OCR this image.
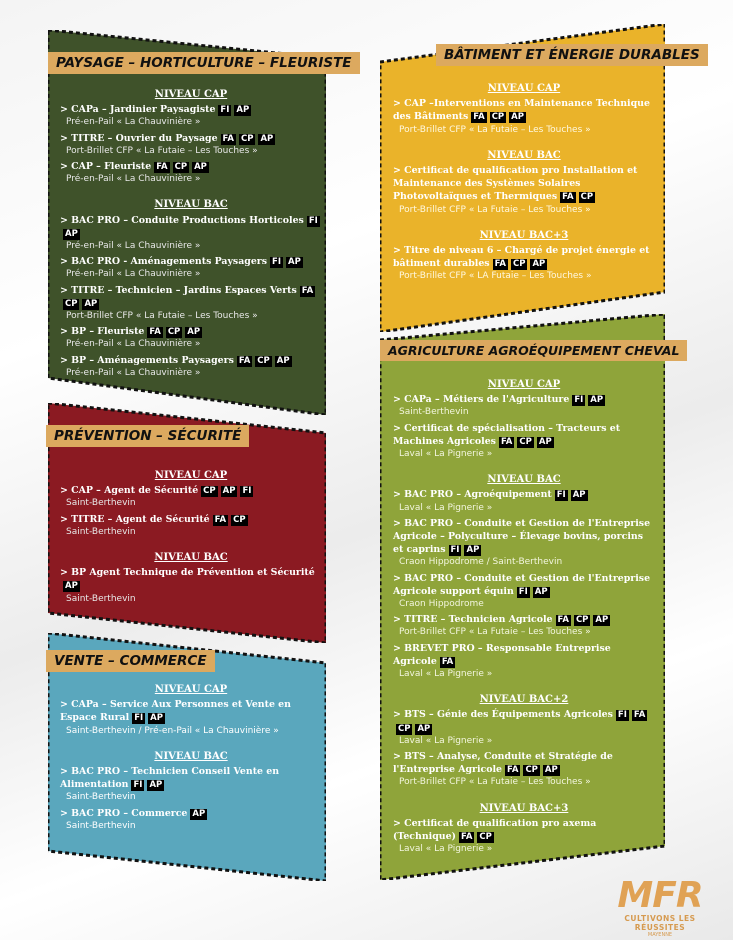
PAYSAGE – HORTICULTURE – FLEURISTE
NIVEAU CAP
> CAPa – Jardinier Paysagiste FI AP
Pré-en-Pail « La Chauvinière »
> TITRE – Ouvrier du Paysage FA CP AP
Port-Brillet CFP « La Futaie – Les Touches »
> CAP – Fleuriste FA CP AP
Pré-en-Pail « La Chauvinière »
NIVEAU BAC
> BAC PRO – Conduite Productions Horticoles FIAP
Pré-en-Pail « La Chauvinière »
> BAC PRO - Aménagements Paysagers FI AP
Pré-en-Pail « La Chauvinière »
> TITRE – Technicien – Jardins Espaces Verts FACP AP
Port-Brillet CFP « La Futaie – Les Touches »
> BP – Fleuriste FA CP AP
Pré-en-Pail « La Chauvinière »
> BP – Aménagements Paysagers FA CP AP
Pré-en-Pail « La Chauvinière »
PRÉVENTION – SÉCURITÉ
NIVEAU CAP
> CAP – Agent de Sécurité CP AP FI
Saint-Berthevin
> TITRE – Agent de Sécurité FA CP
Saint-Berthevin
NIVEAU BAC
> BP Agent Technique de Prévention et SécuritéAP
Saint-Berthevin
VENTE – COMMERCE
NIVEAU CAP
> CAPa – Service Aux Personnes et Vente en Espace Rural FI AP
Saint-Berthevin / Pré-en-Pail « La Chauvinière »
NIVEAU BAC
> BAC PRO – Technicien Conseil Vente en Alimentation FI AP
Saint-Berthevin
> BAC PRO – Commerce AP
Saint-Berthevin
BÂTIMENT ET ÉNERGIE DURABLES
NIVEAU CAP
> CAP –Interventions en Maintenance Technique des Bâtiments FA CP AP
Port-Brillet CFP « La Futaie – Les Touches »
NIVEAU BAC
> Certificat de qualification pro Installation et Maintenance des Systèmes Solaires Photovoltaïques et Thermiques FA CP
Port-Brillet CFP « La Futaie – Les Touches »
NIVEAU BAC+3
> Titre de niveau 6 – Chargé de projet énergie et bâtiment durables FA CP AP
Port-Brillet CFP « LA Futaie – Les Touches »
AGRICULTURE AGROÉQUIPEMENT CHEVAL
NIVEAU CAP
> CAPa – Métiers de l'Agriculture FI AP
Saint-Berthevin
> Certificat de spécialisation – Tracteurs et Machines Agricoles FA CP AP
Laval « La Pignerie »
NIVEAU BAC
> BAC PRO – Agroéquipement FI AP
Laval « La Pignerie »
> BAC PRO – Conduite et Gestion de l'Entreprise Agricole – Polyculture – Élevage bovins, porcins et caprins FI AP
Craon Hippodrome / Saint-Berthevin
> BAC PRO – Conduite et Gestion de l'Entreprise Agricole support équin FI AP
Craon Hippodrome
> TITRE – Technicien Agricole FA CP AP
Port-Brillet CFP « La Futaie – Les Touches »
> BREVET PRO – Responsable Entreprise Agricole FA
Laval « La Pignerie »
NIVEAU BAC+2
> BTS – Génie des Équipements Agricoles FI FACP AP
Laval « La Pignerie »
> BTS – Analyse, Conduite et Stratégie de l'Entreprise Agricole FA CP AP
Port-Brillet CFP « La Futaie – Les Touches »
NIVEAU BAC+3
> Certificat de qualification pro axema (Technique) FA CP
Laval « La Pignerie »
MFR
CULTIVONS LES RÉUSSITES
MAYENNE
